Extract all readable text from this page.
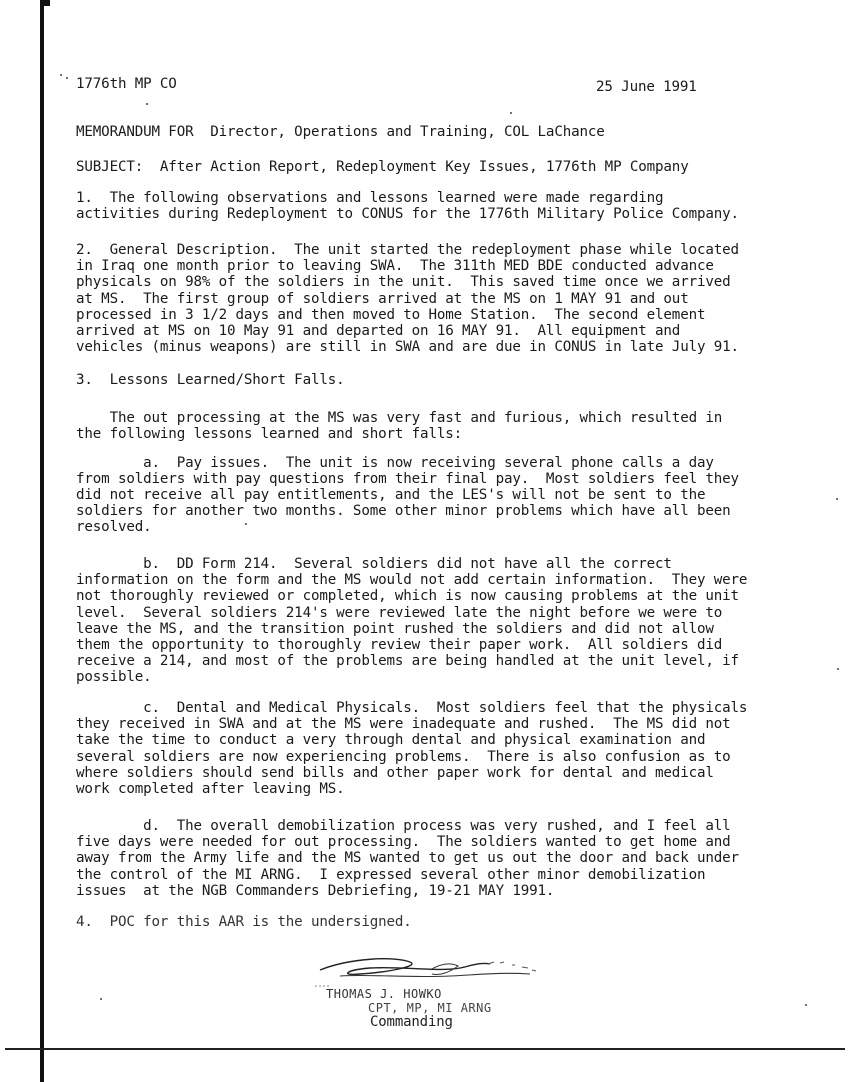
1776th MP CO	25 June 1991
MEMORANDUM FOR  Director, Operations and Training, COL LaChance
SUBJECT:  After Action Report, Redeployment Key Issues, 1776th MP Company
1.  The following observations and lessons learned were made regarding
activities during Redeployment to CONUS for the 1776th Military Police Company.
2.  General Description.  The unit started the redeployment phase while located
in Iraq one month prior to leaving SWA.  The 311th MED BDE conducted advance
physicals on 98% of the soldiers in the unit.  This saved time once we arrived
at MS.  The first group of soldiers arrived at the MS on 1 MAY 91 and out
processed in 3 1/2 days and then moved to Home Station.  The second element
arrived at MS on 10 May 91 and departed on 16 MAY 91.  All equipment and
vehicles (minus weapons) are still in SWA and are due in CONUS in late July 91.
3.  Lessons Learned/Short Falls.
The out processing at the MS was very fast and furious, which resulted in
the following lessons learned and short falls:
a.  Pay issues.  The unit is now receiving several phone calls a day
from soldiers with pay questions from their final pay.  Most soldiers feel they
did not receive all pay entitlements, and the LES's will not be sent to the
soldiers for another two months. Some other minor problems which have all been
resolved.
b.  DD Form 214.  Several soldiers did not have all the correct
information on the form and the MS would not add certain information.  They were
not thoroughly reviewed or completed, which is now causing problems at the unit
level.  Several soldiers 214's were reviewed late the night before we were to
leave the MS, and the transition point rushed the soldiers and did not allow
them the opportunity to thoroughly review their paper work.  All soldiers did
receive a 214, and most of the problems are being handled at the unit level, if
possible.
c.  Dental and Medical Physicals.  Most soldiers feel that the physicals
they received in SWA and at the MS were inadequate and rushed.  The MS did not
take the time to conduct a very through dental and physical examination and
several soldiers are now experiencing problems.  There is also confusion as to
where soldiers should send bills and other paper work for dental and medical
work completed after leaving MS.
d.  The overall demobilization process was very rushed, and I feel all
five days were needed for out processing.  The soldiers wanted to get home and
away from the Army life and the MS wanted to get us out the door and back under
the control of the MI ARNG.  I expressed several other minor demobilization
issues  at the NGB Commanders Debriefing, 19-21 MAY 1991.
4.  POC for this AAR is the undersigned.
THOMAS J. HOWKO
CPT, MP, MI ARNG
Commanding
